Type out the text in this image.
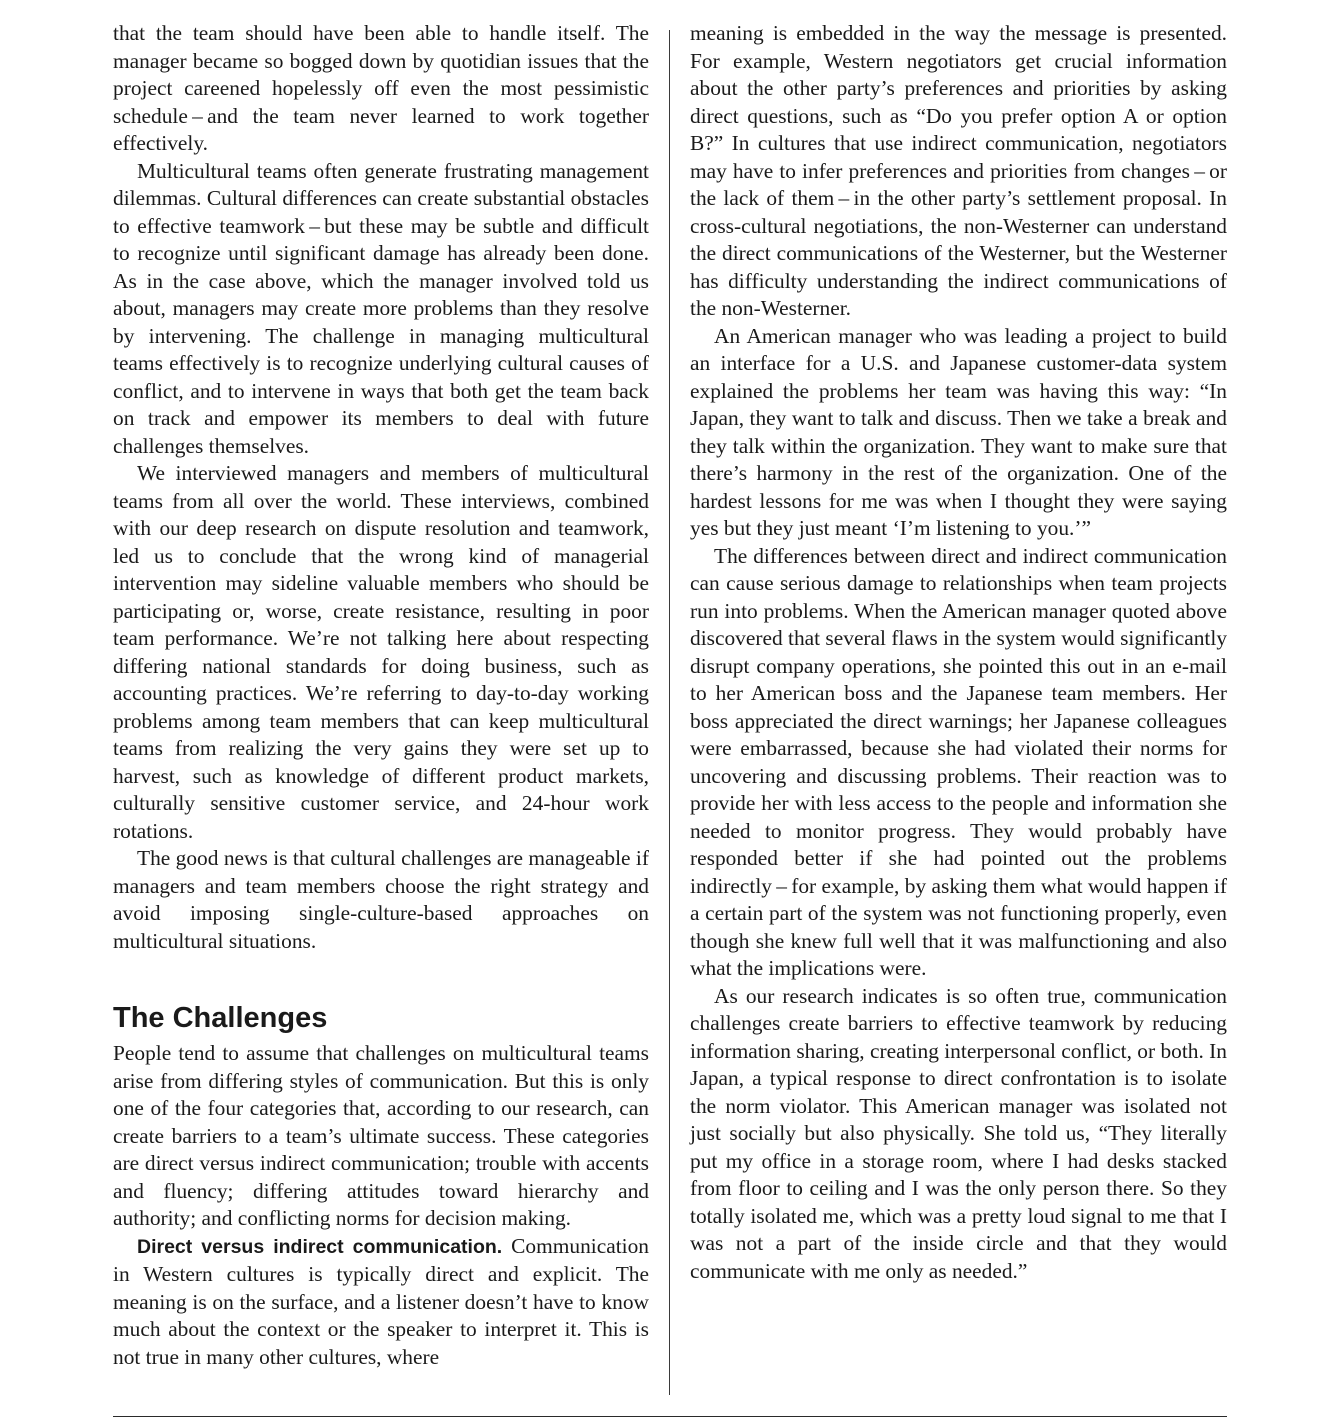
that the team should have been able to handle itself. The manager became so bogged down by quotidian issues that the project careened hopelessly off even the most pessimistic schedule – and the team never learned to work together effectively.

Multicultural teams often generate frustrating management dilemmas. Cultural differences can create substantial obstacles to effective teamwork – but these may be subtle and difficult to recognize until significant damage has already been done. As in the case above, which the manager involved told us about, managers may create more problems than they resolve by intervening. The challenge in managing multicultural teams effectively is to recognize underlying cultural causes of conflict, and to intervene in ways that both get the team back on track and empower its members to deal with future challenges themselves.

We interviewed managers and members of multicultural teams from all over the world. These interviews, combined with our deep research on dispute resolution and teamwork, led us to conclude that the wrong kind of managerial intervention may sideline valuable members who should be participating or, worse, create resistance, resulting in poor team performance. We’re not talking here about respecting differing national standards for doing business, such as accounting practices. We’re referring to day-to-day working problems among team members that can keep multicultural teams from realizing the very gains they were set up to harvest, such as knowledge of different product markets, culturally sensitive customer service, and 24-hour work rotations.

The good news is that cultural challenges are manageable if managers and team members choose the right strategy and avoid imposing single-culture-based approaches on multicultural situations.

The Challenges

People tend to assume that challenges on multicultural teams arise from differing styles of communication. But this is only one of the four categories that, according to our research, can create barriers to a team’s ultimate success. These categories are direct versus indirect communication; trouble with accents and fluency; differing attitudes toward hierarchy and authority; and conflicting norms for decision making.

Direct versus indirect communication. Communication in Western cultures is typically direct and explicit. The meaning is on the surface, and a listener doesn’t have to know much about the context or the speaker to interpret it. This is not true in many other cultures, where

meaning is embedded in the way the message is presented. For example, Western negotiators get crucial information about the other party’s preferences and priorities by asking direct questions, such as “Do you prefer option A or option B?” In cultures that use indirect communication, negotiators may have to infer preferences and priorities from changes – or the lack of them – in the other party’s settlement proposal. In cross-cultural negotiations, the non-Westerner can understand the direct communications of the Westerner, but the Westerner has difficulty understanding the indirect communications of the non-Westerner.

An American manager who was leading a project to build an interface for a U.S. and Japanese customer-data system explained the problems her team was having this way: “In Japan, they want to talk and discuss. Then we take a break and they talk within the organization. They want to make sure that there’s harmony in the rest of the organization. One of the hardest lessons for me was when I thought they were saying yes but they just meant ‘I’m listening to you.’”

The differences between direct and indirect communication can cause serious damage to relationships when team projects run into problems. When the American manager quoted above discovered that several flaws in the system would significantly disrupt company operations, she pointed this out in an e-mail to her American boss and the Japanese team members. Her boss appreciated the direct warnings; her Japanese colleagues were embarrassed, because she had violated their norms for uncovering and discussing problems. Their reaction was to provide her with less access to the people and information she needed to monitor progress. They would probably have responded better if she had pointed out the problems indirectly – for example, by asking them what would happen if a certain part of the system was not functioning properly, even though she knew full well that it was malfunctioning and also what the implications were.

As our research indicates is so often true, communication challenges create barriers to effective teamwork by reducing information sharing, creating interpersonal conflict, or both. In Japan, a typical response to direct confrontation is to isolate the norm violator. This American manager was isolated not just socially but also physically. She told us, “They literally put my office in a storage room, where I had desks stacked from floor to ceiling and I was the only person there. So they totally isolated me, which was a pretty loud signal to me that I was not a part of the inside circle and that they would communicate with me only as needed.”
